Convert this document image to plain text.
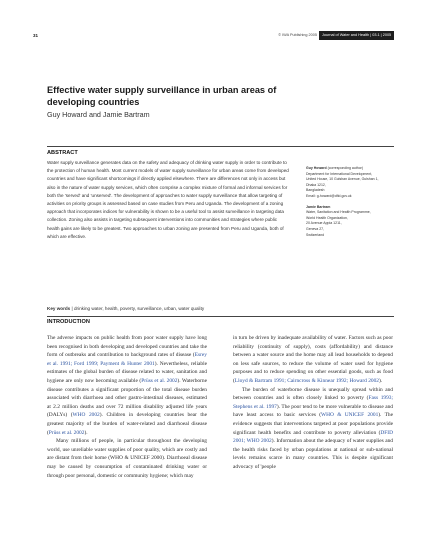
31	© IWA Publishing 2005	Journal of Water and Health | 03.1 | 2005
Effective water supply surveillance in urban areas of developing countries
Guy Howard and Jamie Bartram
ABSTRACT
Water supply surveillance generates data on the safety and adequacy of drinking water supply in order to contribute to the protection of human health. Most current models of water supply surveillance for urban areas come from developed countries and have significant shortcomings if directly applied elsewhere. There are differences not only in access but also in the nature of water supply services, which often comprise a complex mixture of formal and informal services for both the 'served' and 'unserved'. The development of approaches to water supply surveillance that allow targeting of activities on priority groups is assessed based on case studies from Peru and Uganda. The development of a zoning approach that incorporates indices for vulnerability is shown to be a useful tool to assist surveillance in targeting data collection. Zoning also assists in targeting subsequent interventions into communities and strategies where public health gains are likely to be greatest. Two approaches to urban zoning are presented from Peru and Uganda, both of which are effective.
Key words | drinking water, health, poverty, surveillance, urban, water quality
Guy Howard (corresponding author)
Department for International Development,
United House, 10 Gulshan Avenue, Gulshan 1,
Dhaka 1212,
Bangladesh
Email: g-howard@dfid.gov.uk
Jamie Bartram
Water, Sanitation and Health Programme,
World Health Organization,
20 Avenue Appia 1211,
Geneva 27,
Switzerland
INTRODUCTION

The adverse impacts on public health from poor water supply have long been recognised in both developing and developed countries and take the form of outbreaks and contribution to background rates of disease (Esrey et al. 1991; Ford 1999; Payment & Hunter 2001). Nevertheless, reliable estimates of the global burden of disease related to water, sanitation and hygiene are only now becoming available (Prüss et al. 2002). Waterborne disease contributes a significant proportion of the total disease burden associated with diarrhoea and other gastro-intestinal diseases, estimated at 2.2 million deaths and over 72 million disability adjusted life years (DALYs) (WHO 2002). Children in developing countries bear the greatest majority of the burden of water-related and diarrhoeal disease (Prüss et al. 2002).

Many millions of people, in particular throughout the developing world, use unreliable water supplies of poor quality, which are costly and are distant from their home (WHO & UNICEF 2000). Diarrhoeal disease may be caused by consumption of contaminated drinking water or through poor personal, domestic or community hygiene; which may

in turn be driven by inadequate availability of water. Factors such as poor reliability (continuity of supply), costs (affordability) and distance between a water source and the home may all lead households to depend on less safe sources, to reduce the volume of water used for hygiene purposes and to reduce spending on other essential goods, such as food (Lloyd & Bartram 1991; Cairncross & Kinnear 1992; Howard 2002).

The burden of waterborne disease is unequally spread within and between countries and is often closely linked to poverty (Fass 1993; Stephens et al. 1997). The poor tend to be more vulnerable to disease and have least access to basic services (WHO & UNICEF 2001). The evidence suggests that interventions targeted at poor populations provide significant health benefits and contribute to poverty alleviation (DFID 2001; WHO 2002). Information about the adequacy of water supplies and the health risks faced by urban populations at national or sub-national levels remains scarce in many countries. This is despite significant advocacy of 'people
